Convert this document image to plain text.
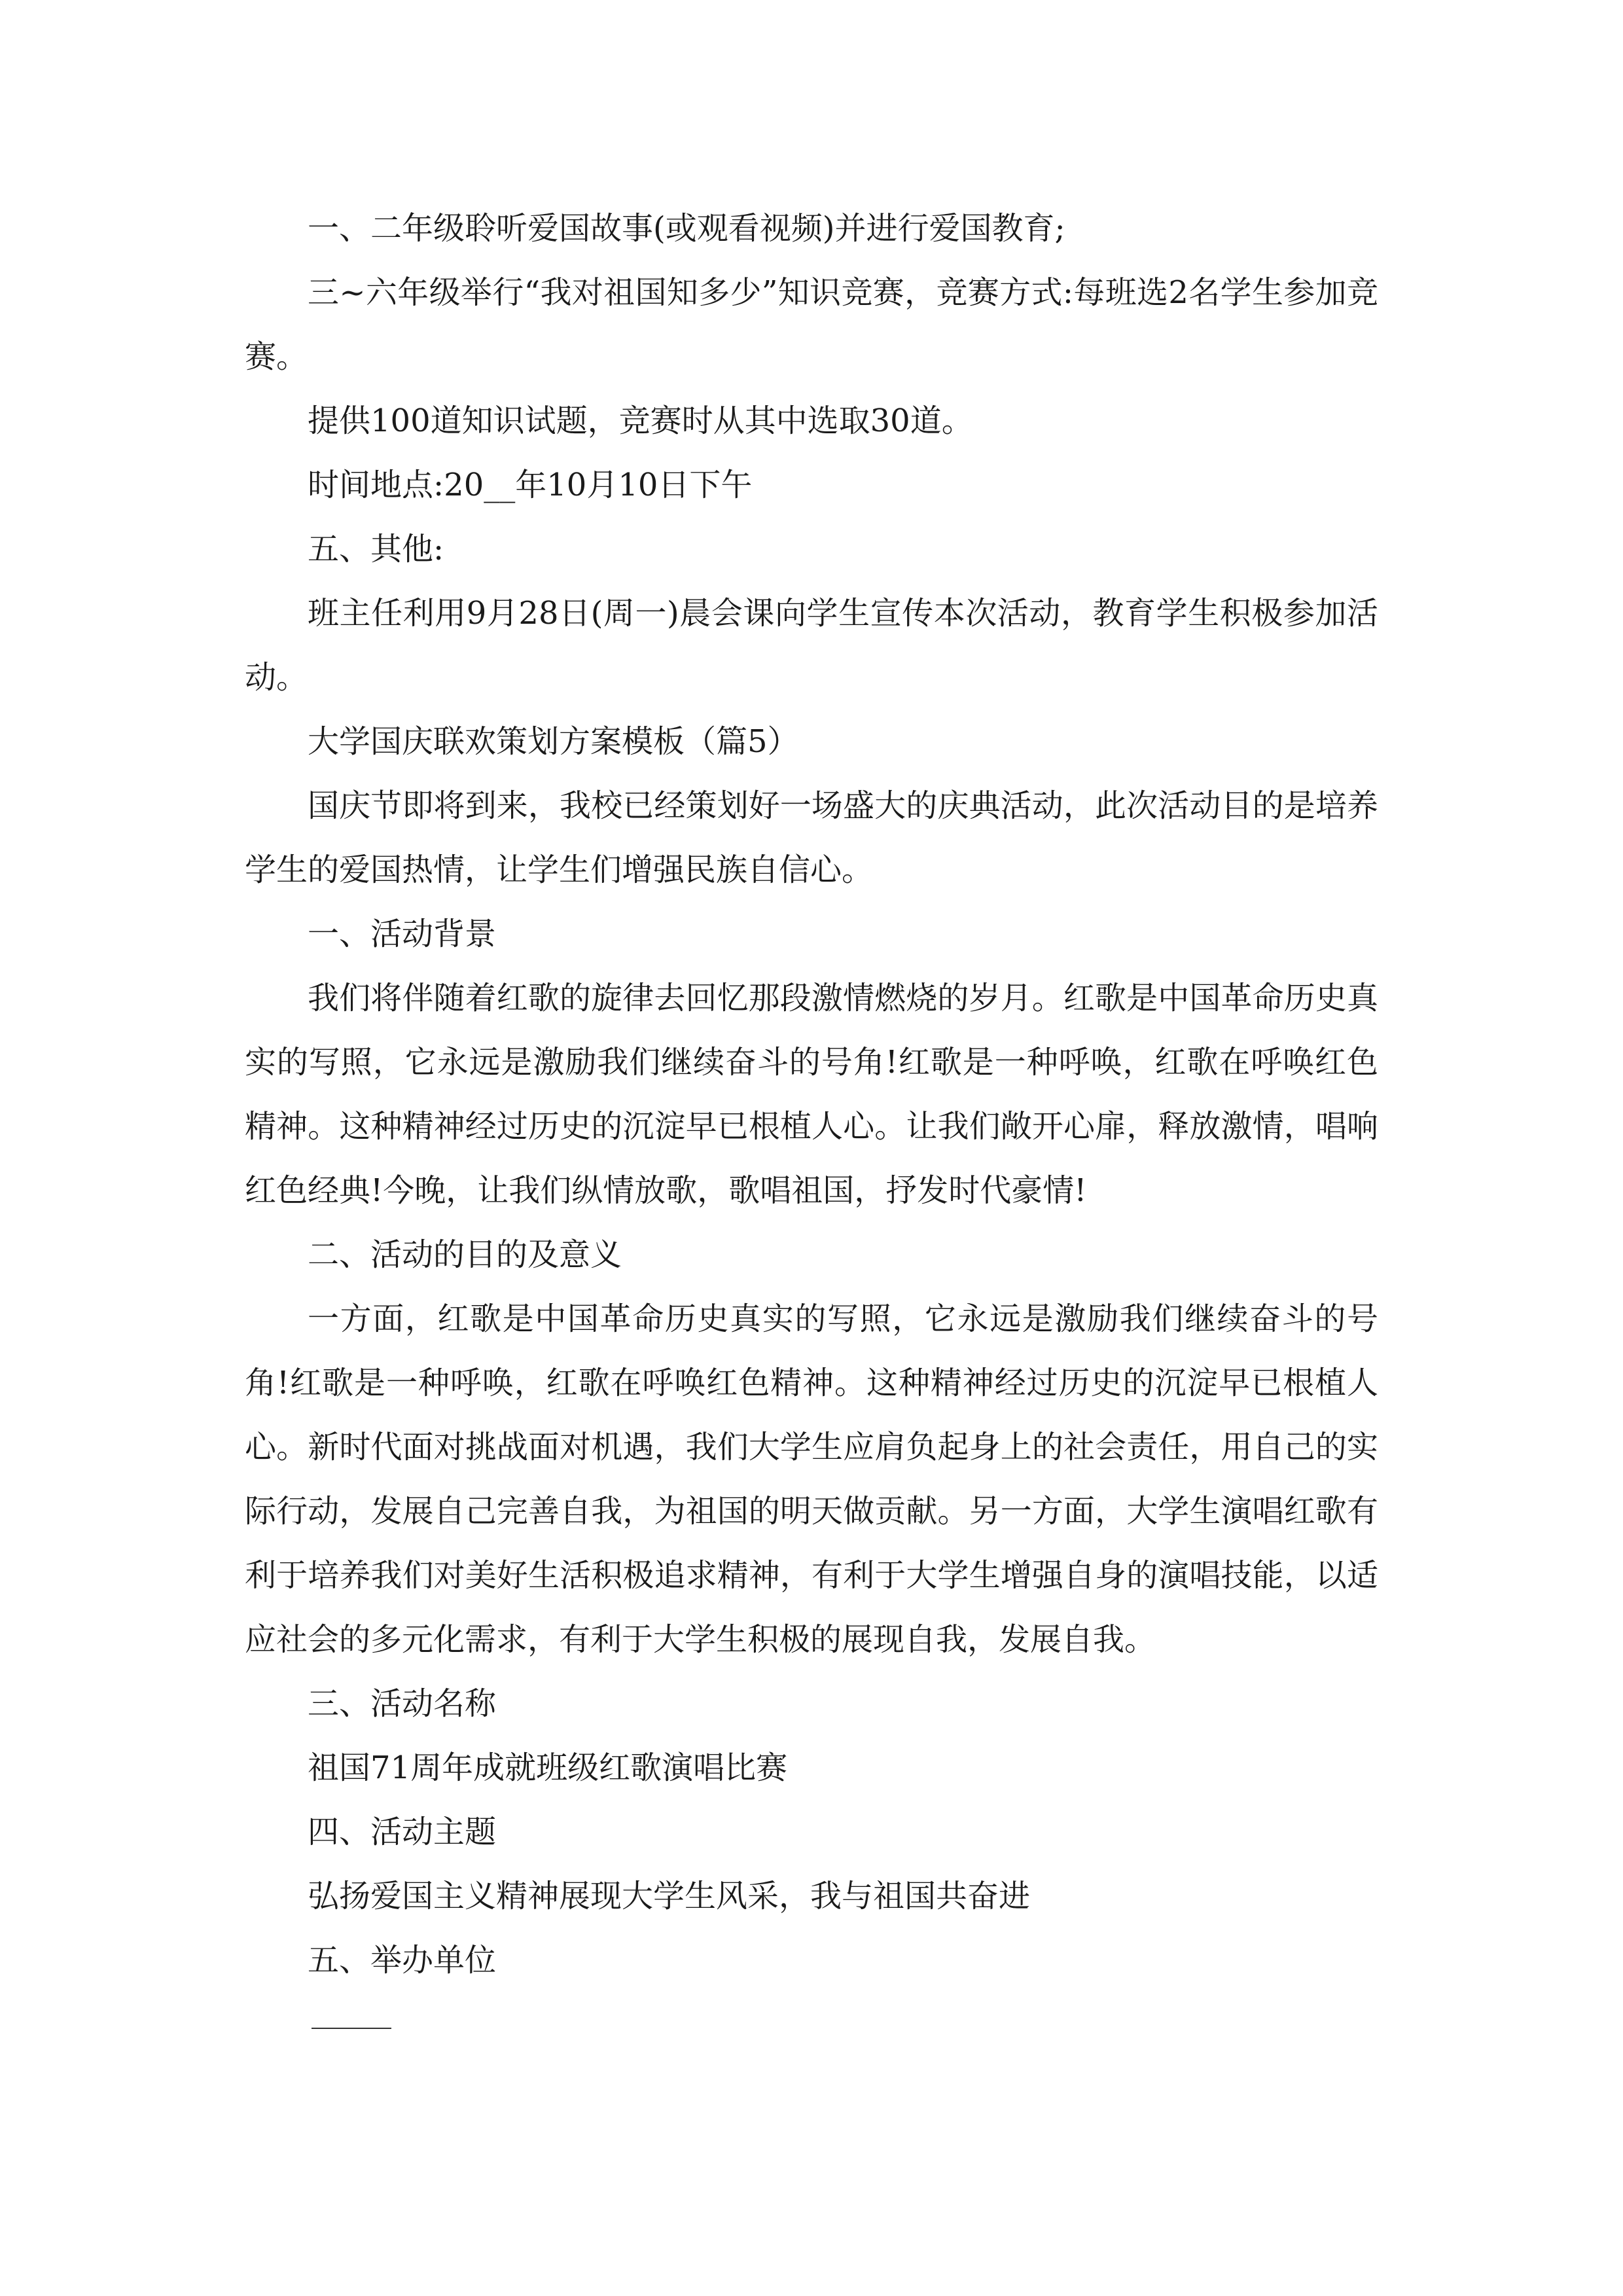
一、二年级聆听爱国故事(或观看视频)并进行爱国教育;

三~六年级举行“我对祖国知多少”知识竞赛，竞赛方式:每班选2名学生参加竞赛。

提供100道知识试题，竞赛时从其中选取30道。

时间地点:20__年10月10日下午

五、其他:

班主任利用9月28日(周一)晨会课向学生宣传本次活动，教育学生积极参加活动。

大学国庆联欢策划方案模板（篇5）

国庆节即将到来，我校已经策划好一场盛大的庆典活动，此次活动目的是培养学生的爱国热情，让学生们增强民族自信心。

一、活动背景

我们将伴随着红歌的旋律去回忆那段激情燃烧的岁月。红歌是中国革命历史真实的写照，它永远是激励我们继续奋斗的号角!红歌是一种呼唤，红歌在呼唤红色精神。这种精神经过历史的沉淀早已根植人心。让我们敞开心扉，释放激情，唱响红色经典!今晚，让我们纵情放歌，歌唱祖国，抒发时代豪情!

二、活动的目的及意义

一方面，红歌是中国革命历史真实的写照，它永远是激励我们继续奋斗的号角!红歌是一种呼唤，红歌在呼唤红色精神。这种精神经过历史的沉淀早已根植人心。新时代面对挑战面对机遇，我们大学生应肩负起身上的社会责任，用自己的实际行动，发展自己完善自我，为祖国的明天做贡献。另一方面，大学生演唱红歌有利于培养我们对美好生活积极追求精神，有利于大学生增强自身的演唱技能，以适应社会的多元化需求，有利于大学生积极的展现自我，发展自我。

三、活动名称

祖国71周年成就班级红歌演唱比赛

四、活动主题

弘扬爱国主义精神展现大学生风采，我与祖国共奋进

五、举办单位
